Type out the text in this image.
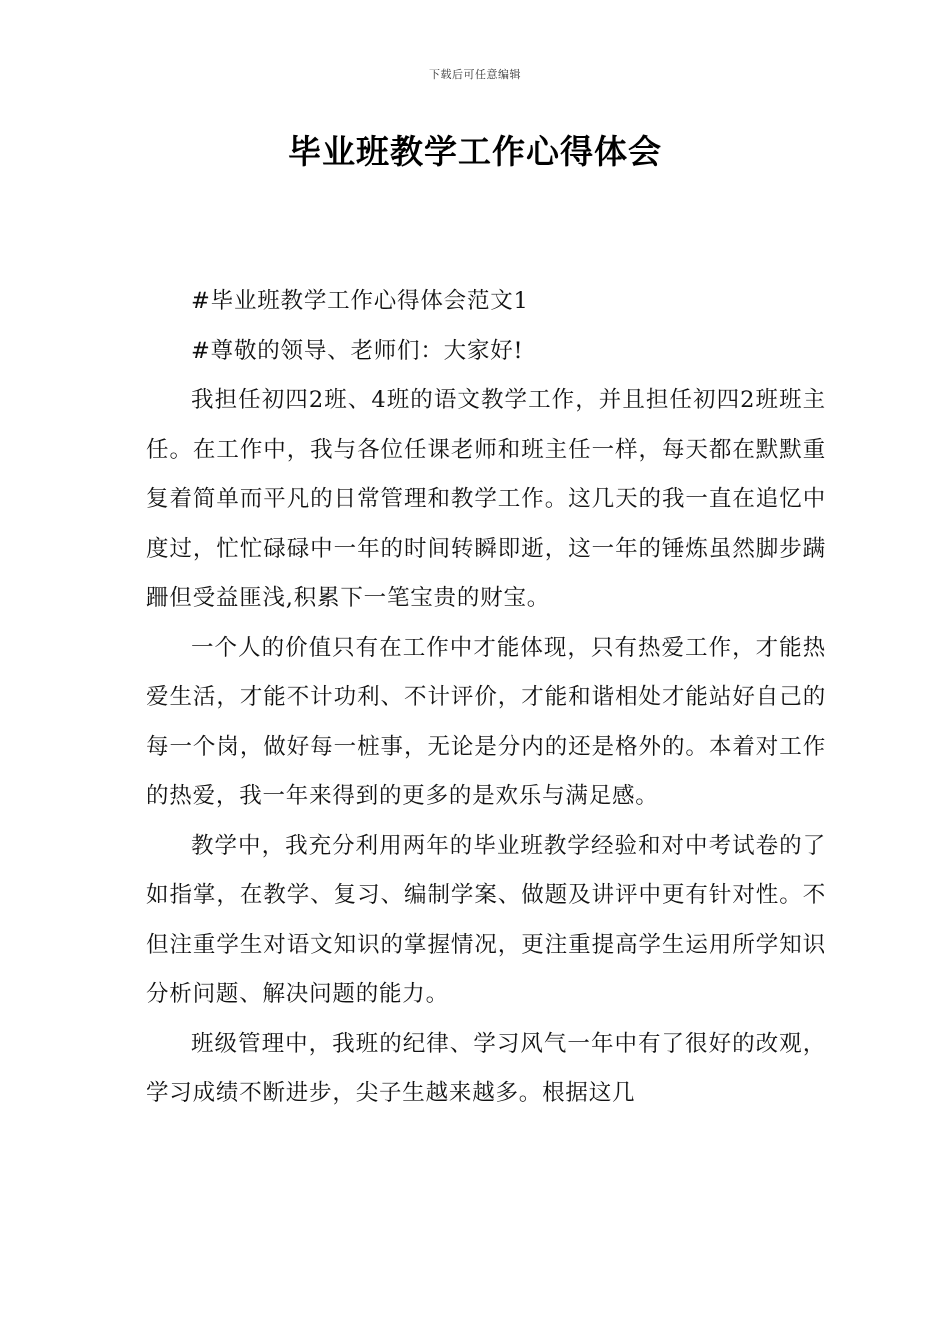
下载后可任意编辑
毕业班教学工作心得体会

#毕业班教学工作心得体会范文1

#尊敬的领导、老师们：大家好!

我担任初四2班、4班的语文教学工作，并且担任初四2班班主任。在工作中，我与各位任课老师和班主任一样，每天都在默默重复着简单而平凡的日常管理和教学工作。这几天的我一直在追忆中度过，忙忙碌碌中一年的时间转瞬即逝，这一年的锤炼虽然脚步蹒跚但受益匪浅,积累下一笔宝贵的财宝。

一个人的价值只有在工作中才能体现，只有热爱工作，才能热爱生活，才能不计功利、不计评价，才能和谐相处才能站好自己的每一个岗，做好每一桩事，无论是分内的还是格外的。本着对工作的热爱，我一年来得到的更多的是欢乐与满足感。

教学中，我充分利用两年的毕业班教学经验和对中考试卷的了如指掌，在教学、复习、编制学案、做题及讲评中更有针对性。不但注重学生对语文知识的掌握情况，更注重提高学生运用所学知识分析问题、解决问题的能力。

班级管理中，我班的纪律、学习风气一年中有了很好的改观，学习成绩不断进步，尖子生越来越多。根据这几
